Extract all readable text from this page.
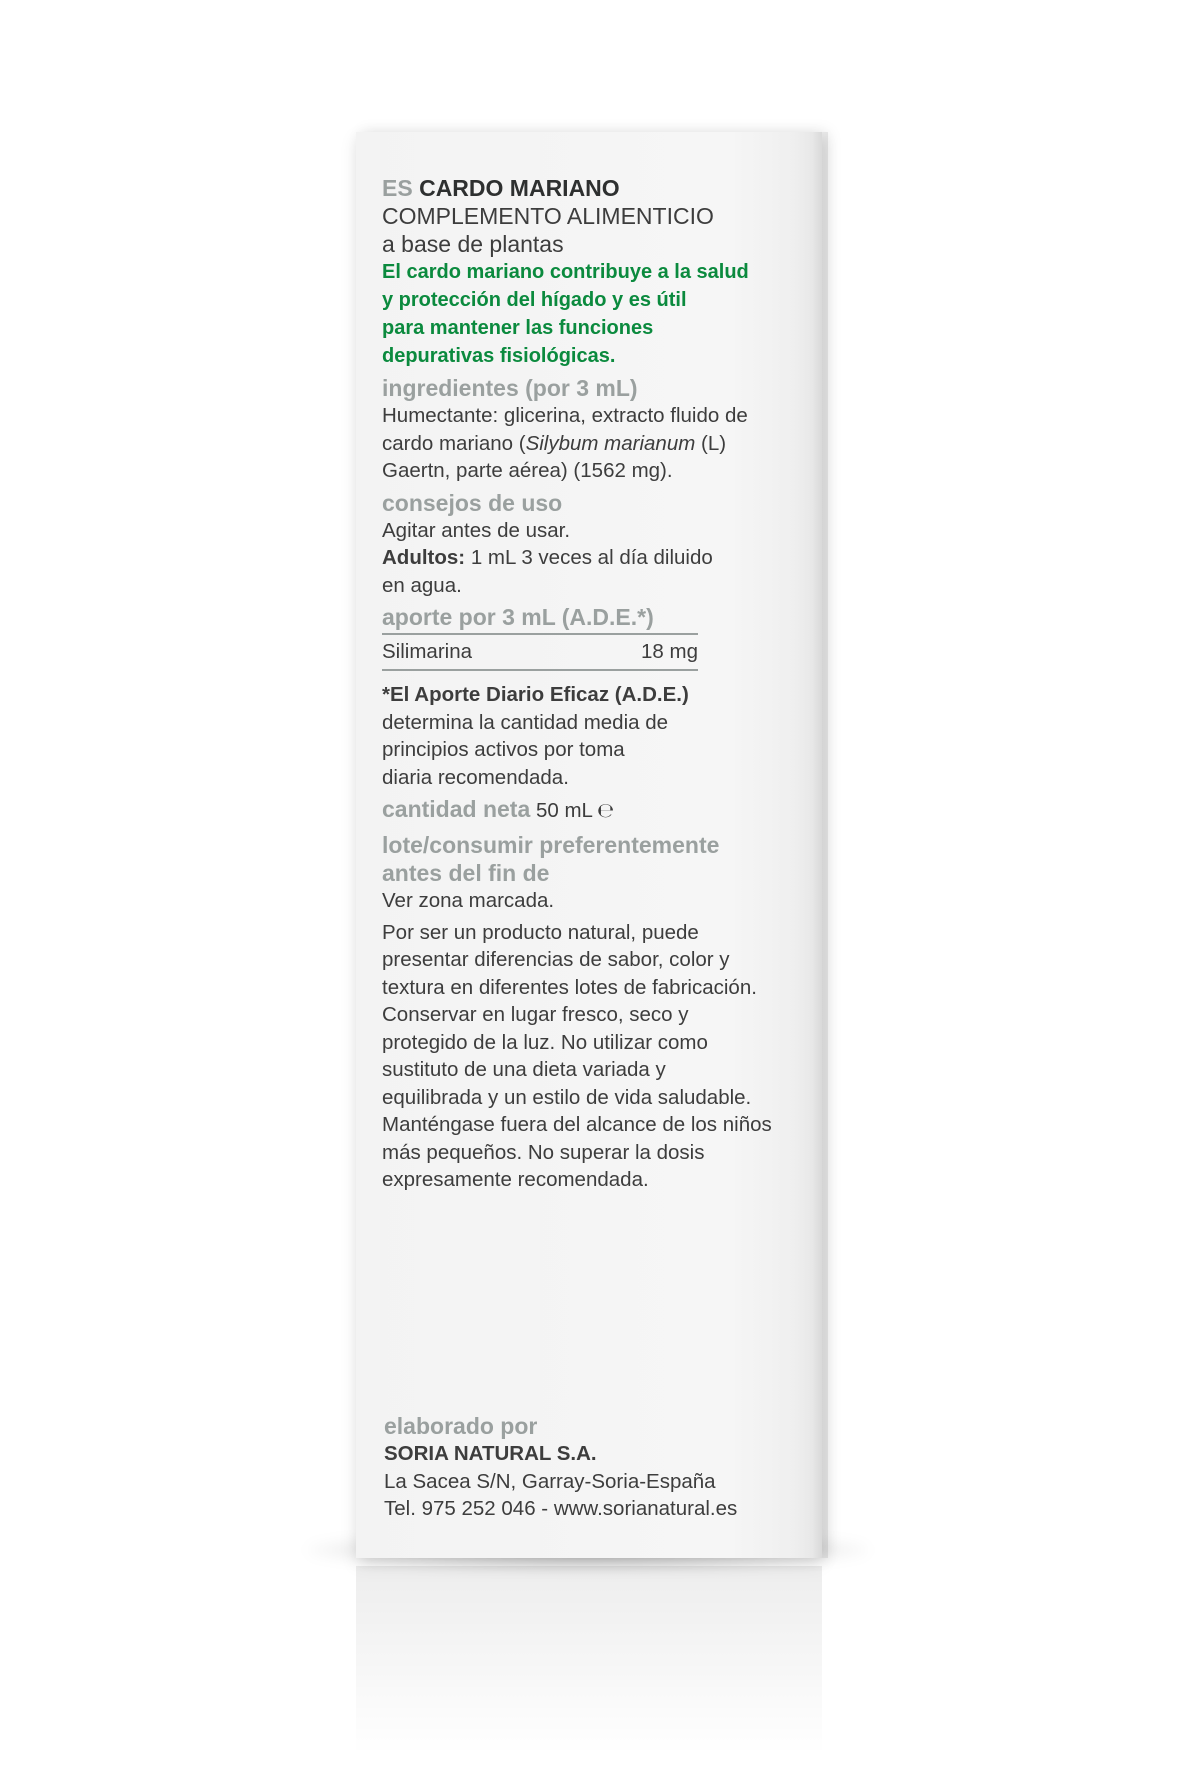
ES CARDO MARIANO
COMPLEMENTO ALIMENTICIO
a base de plantas
El cardo mariano contribuye a la salud
y protección del hígado y es útil
para mantener las funciones
depurativas fisiológicas.
ingredientes (por 3 mL)
Humectante: glicerina, extracto fluido de
cardo mariano (Silybum marianum (L)
Gaertn, parte aérea) (1562 mg).
consejos de uso
Agitar antes de usar.
Adultos: 1 mL 3 veces al día diluido
en agua.
aporte por 3 mL (A.D.E.*)
Silimarina	18 mg
*El Aporte Diario Eficaz (A.D.E.)
determina la cantidad media de
principios activos por toma
diaria recomendada.
cantidad neta 50 mL ℮
lote/consumir preferentemente
antes del fin de
Ver zona marcada.
Por ser un producto natural, puede
presentar diferencias de sabor, color y
textura en diferentes lotes de fabricación.
Conservar en lugar fresco, seco y
protegido de la luz. No utilizar como
sustituto de una dieta variada y
equilibrada y un estilo de vida saludable.
Manténgase fuera del alcance de los niños
más pequeños. No superar la dosis
expresamente recomendada.
elaborado por
SORIA NATURAL S.A.
La Sacea S/N, Garray-Soria-España
Tel. 975 252 046 - www.sorianatural.es
